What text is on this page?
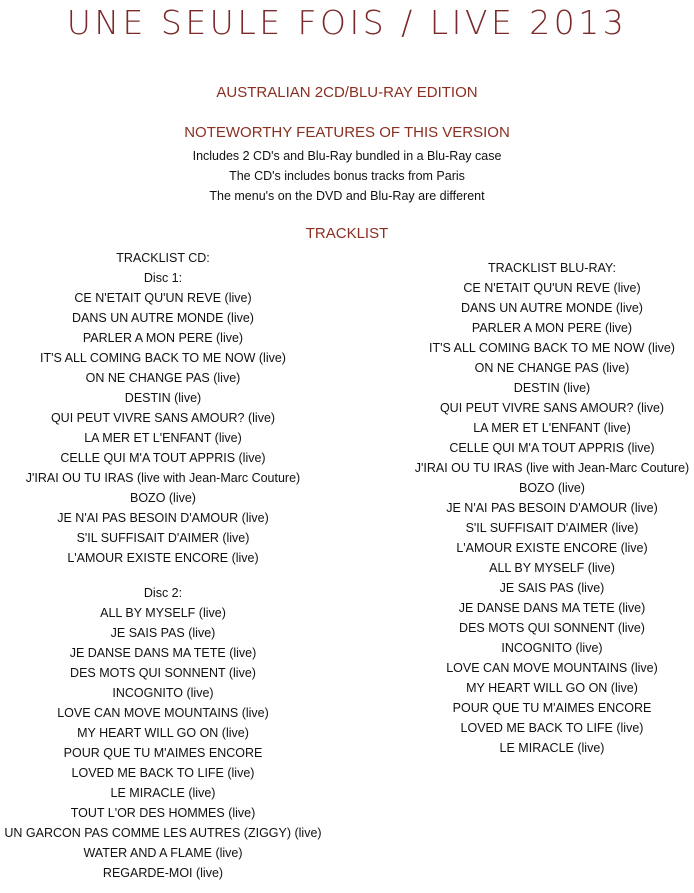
UNE SEULE FOIS / LIVE 2013
AUSTRALIAN 2CD/BLU-RAY EDITION
NOTEWORTHY FEATURES OF THIS VERSION
Includes 2 CD's and Blu-Ray bundled in a Blu-Ray case
The CD's includes bonus tracks from Paris
The menu's on the DVD and Blu-Ray are different
TRACKLIST
TRACKLIST CD:
Disc 1:
CE N'ETAIT QU'UN REVE (live)
DANS UN AUTRE MONDE (live)
PARLER A MON PERE (live)
IT'S ALL COMING BACK TO ME NOW (live)
ON NE CHANGE PAS (live)
DESTIN (live)
QUI PEUT VIVRE SANS AMOUR? (live)
LA MER ET L'ENFANT (live)
CELLE QUI M'A TOUT APPRIS (live)
J'IRAI OU TU IRAS (live with Jean-Marc Couture)
BOZO (live)
JE N'AI PAS BESOIN D'AMOUR (live)
S'IL SUFFISAIT D'AIMER (live)
L'AMOUR EXISTE ENCORE (live)
Disc 2:
ALL BY MYSELF (live)
JE SAIS PAS (live)
JE DANSE DANS MA TETE (live)
DES MOTS QUI SONNENT (live)
INCOGNITO (live)
LOVE CAN MOVE MOUNTAINS (live)
MY HEART WILL GO ON (live)
POUR QUE TU M'AIMES ENCORE
LOVED ME BACK TO LIFE (live)
LE MIRACLE (live)
TOUT L'OR DES HOMMES (live)
UN GARCON PAS COMME LES AUTRES (ZIGGY) (live)
WATER AND A FLAME (live)
REGARDE-MOI (live)
TRACKLIST BLU-RAY:
CE N'ETAIT QU'UN REVE (live)
DANS UN AUTRE MONDE (live)
PARLER A MON PERE (live)
IT'S ALL COMING BACK TO ME NOW (live)
ON NE CHANGE PAS (live)
DESTIN (live)
QUI PEUT VIVRE SANS AMOUR? (live)
LA MER ET L'ENFANT (live)
CELLE QUI M'A TOUT APPRIS (live)
J'IRAI OU TU IRAS (live with Jean-Marc Couture)
BOZO (live)
JE N'AI PAS BESOIN D'AMOUR (live)
S'IL SUFFISAIT D'AIMER (live)
L'AMOUR EXISTE ENCORE (live)
ALL BY MYSELF (live)
JE SAIS PAS (live)
JE DANSE DANS MA TETE (live)
DES MOTS QUI SONNENT (live)
INCOGNITO (live)
LOVE CAN MOVE MOUNTAINS (live)
MY HEART WILL GO ON (live)
POUR QUE TU M'AIMES ENCORE
LOVED ME BACK TO LIFE (live)
LE MIRACLE (live)
